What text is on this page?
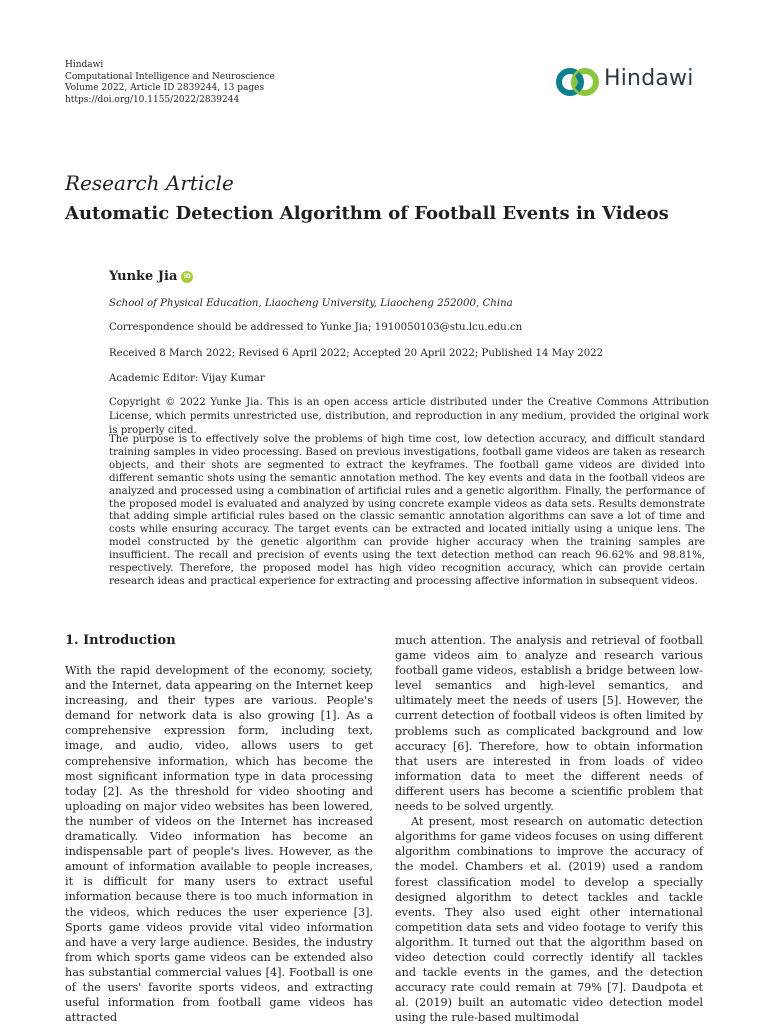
Hindawi
Computational Intelligence and Neuroscience
Volume 2022, Article ID 2839244, 13 pages
https://doi.org/10.1155/2022/2839244
Hindawi
Research Article
Automatic Detection Algorithm of Football Events in Videos
Yunke Jia	iD
School of Physical Education, Liaocheng University, Liaocheng 252000, China
Correspondence should be addressed to Yunke Jia; 1910050103@stu.lcu.edu.cn
Received 8 March 2022; Revised 6 April 2022; Accepted 20 April 2022; Published 14 May 2022
Academic Editor: Vijay Kumar
Copyright © 2022 Yunke Jia. This is an open access article distributed under the Creative Commons Attribution License, which permits unrestricted use, distribution, and reproduction in any medium, provided the original work is properly cited.
The purpose is to effectively solve the problems of high time cost, low detection accuracy, and difficult standard training samples in video processing. Based on previous investigations, football game videos are taken as research objects, and their shots are segmented to extract the keyframes. The football game videos are divided into different semantic shots using the semantic annotation method. The key events and data in the football videos are analyzed and processed using a combination of artificial rules and a genetic algorithm. Finally, the performance of the proposed model is evaluated and analyzed by using concrete example videos as data sets. Results demonstrate that adding simple artificial rules based on the classic semantic annotation algorithms can save a lot of time and costs while ensuring accuracy. The target events can be extracted and located initially using a unique lens. The model constructed by the genetic algorithm can provide higher accuracy when the training samples are insufficient. The recall and precision of events using the text detection method can reach 96.62% and 98.81%, respectively. Therefore, the proposed model has high video recognition accuracy, which can provide certain research ideas and practical experience for extracting and processing affective information in subsequent videos.
1. Introduction

With the rapid development of the economy, society, and the Internet, data appearing on the Internet keep increasing, and their types are various. People's demand for network data is also growing [1]. As a comprehensive expression form, including text, image, and audio, video, allows users to get comprehensive information, which has become the most significant information type in data processing today [2]. As the threshold for video shooting and uploading on major video websites has been lowered, the number of videos on the Internet has increased dramatically. Video information has become an indispensable part of people's lives. However, as the amount of information available to people increases, it is difficult for many users to extract useful information because there is too much information in the videos, which reduces the user experience [3]. Sports game videos provide vital video information and have a very large audience. Besides, the industry from which sports game videos can be extended also has substantial commercial values [4]. Football is one of the users' favorite sports videos, and extracting useful information from football game videos has attracted

much attention. The analysis and retrieval of football game videos aim to analyze and research various football game videos, establish a bridge between low-level semantics and high-level semantics, and ultimately meet the needs of users [5]. However, the current detection of football videos is often limited by problems such as complicated background and low accuracy [6]. Therefore, how to obtain information that users are interested in from loads of video information data to meet the different needs of different users has become a scientific problem that needs to be solved urgently.

At present, most research on automatic detection algorithms for game videos focuses on using different algorithm combinations to improve the accuracy of the model. Chambers et al. (2019) used a random forest classification model to develop a specially designed algorithm to detect tackles and tackle events. They also used eight other international competition data sets and video footage to verify this algorithm. It turned out that the algorithm based on video detection could correctly identify all tackles and tackle events in the games, and the detection accuracy rate could remain at 79% [7]. Daudpota et al. (2019) built an automatic video detection model using the rule-based multimodal
